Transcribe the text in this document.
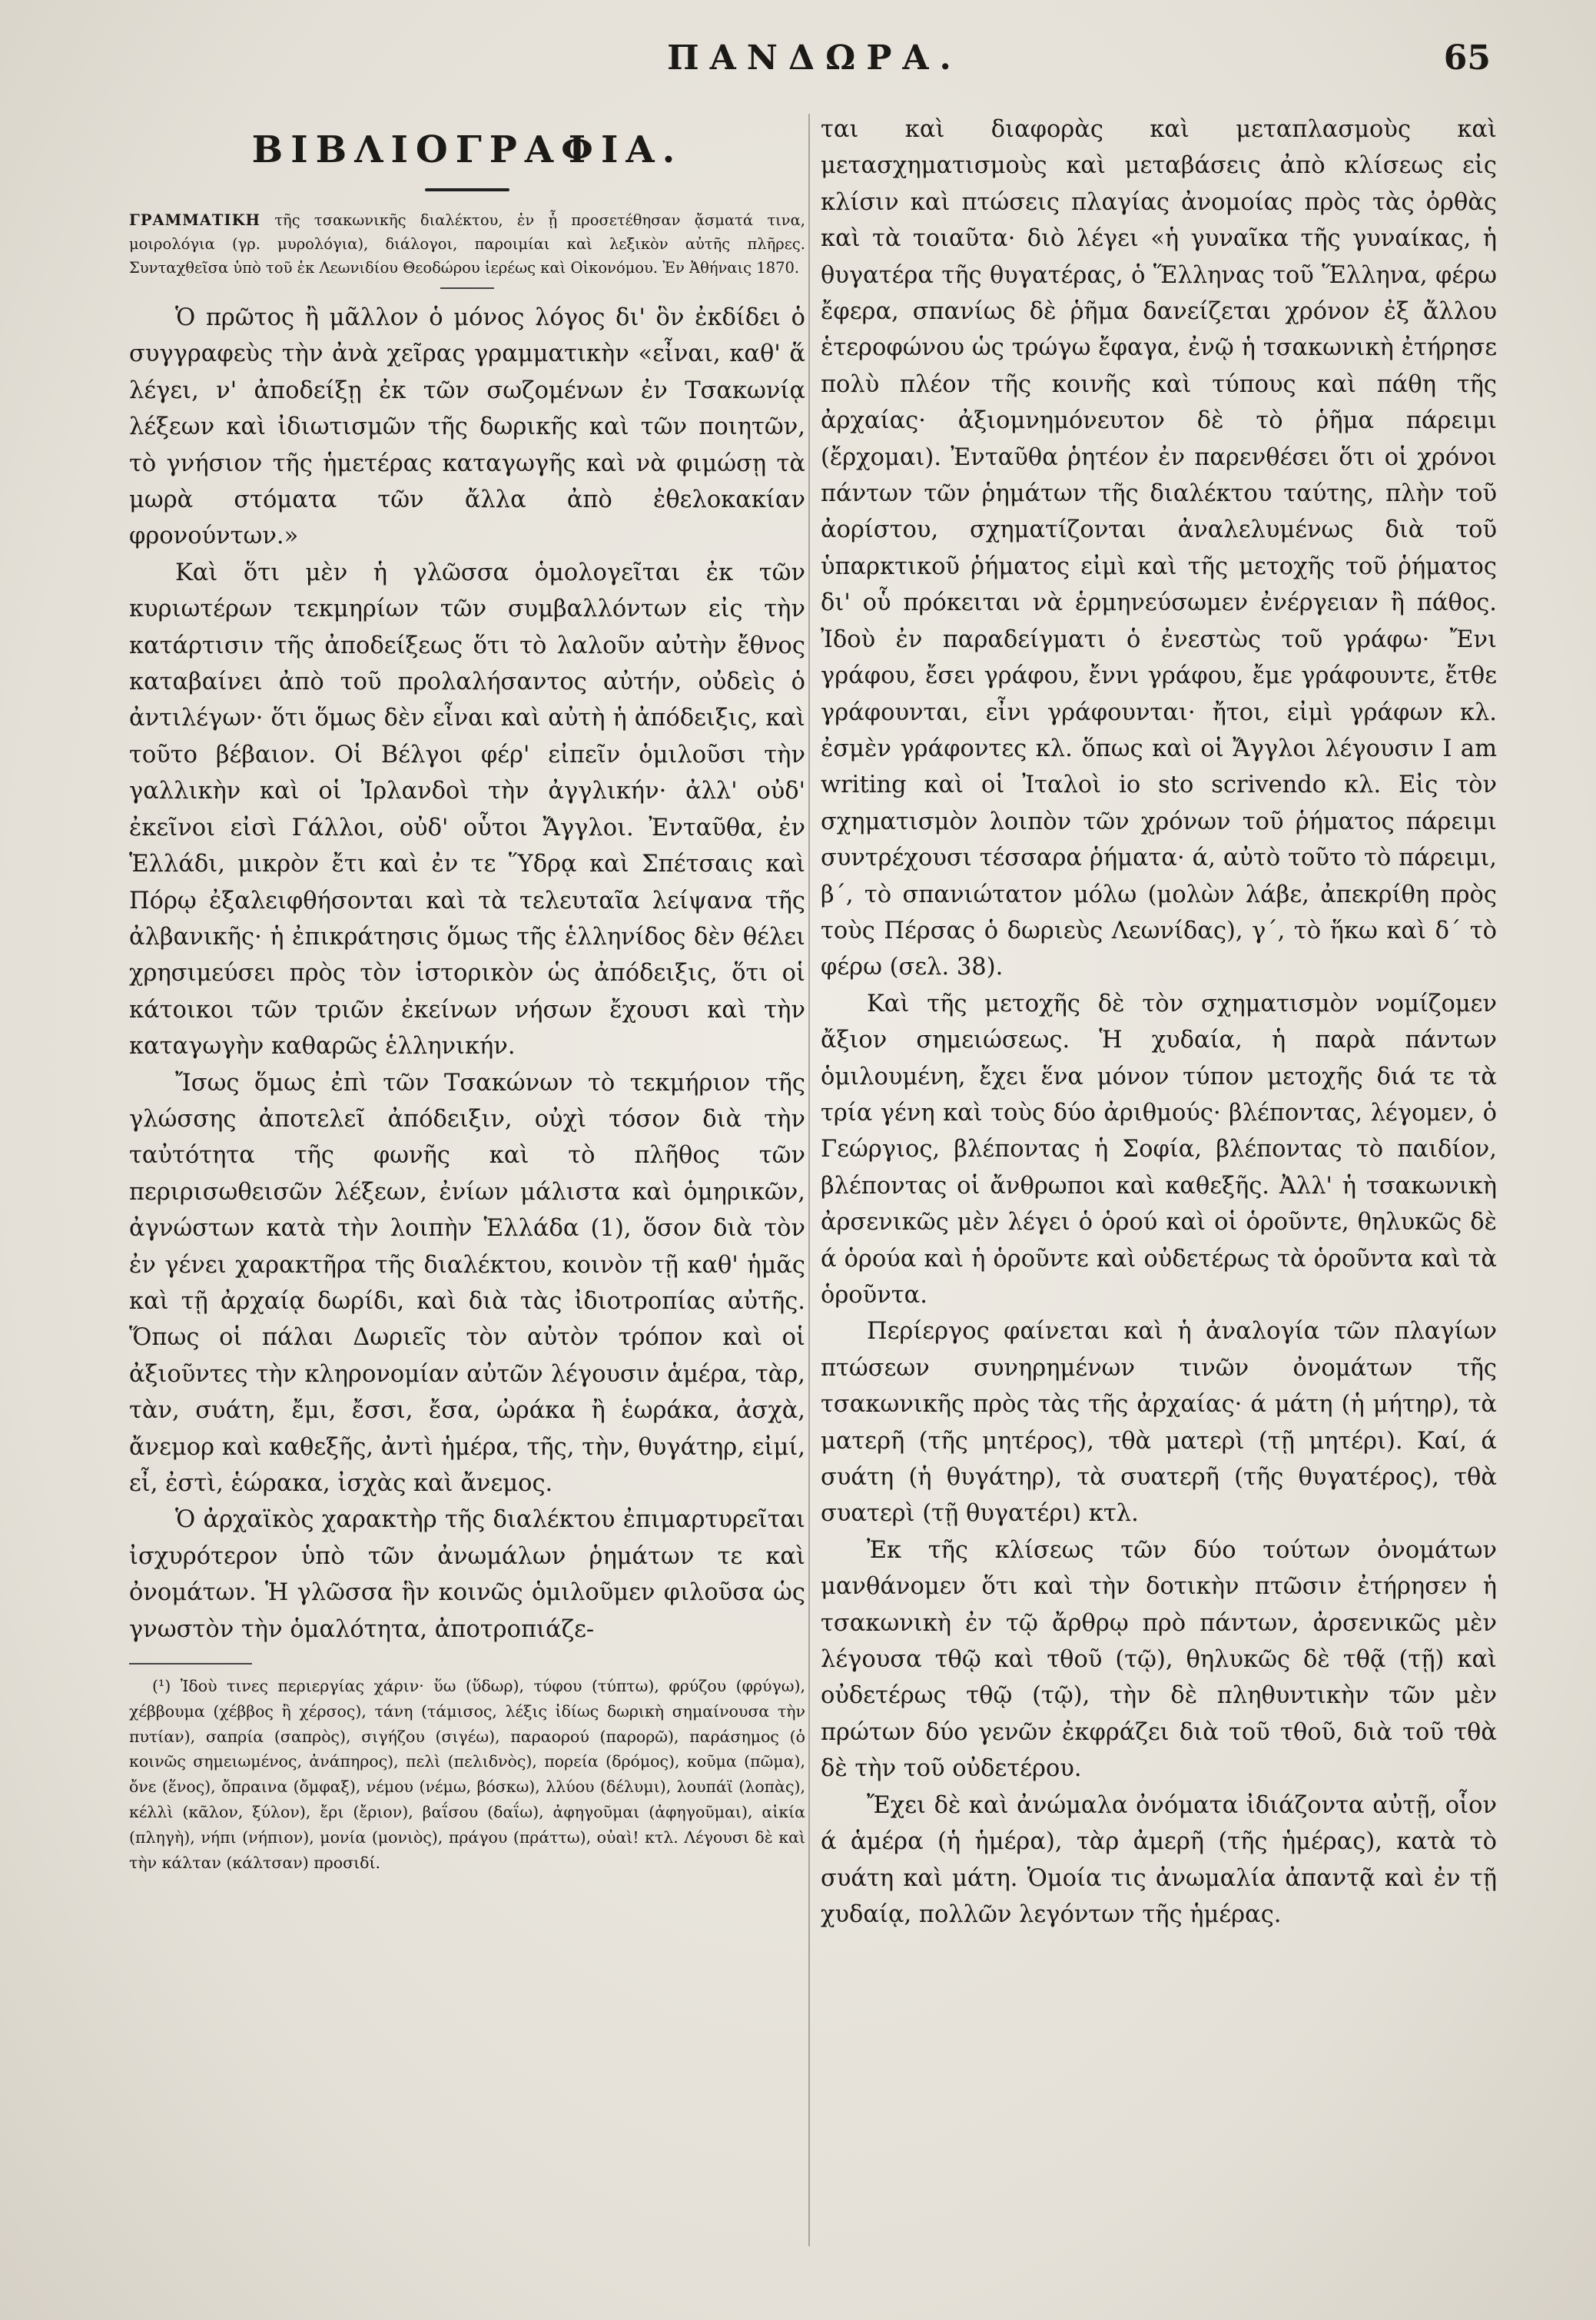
ΠΑΝΔΩΡΑ.	65
ΒΙΒΛΙΟΓΡΑΦΙΑ.
ΓΡΑΜΜΑΤΙΚΗ τῆς τσακωνικῆς διαλέκτου, ἐν ᾗ προσετέθησαν ᾄσματά τινα, μοιρολόγια (γρ. μυρολόγια), διάλογοι, παροιμίαι καὶ λεξικὸν αὐτῆς πλῆρες. Συνταχθεῖσα ὑπὸ τοῦ ἐκ Λεωνιδίου Θεοδώρου ἱερέως καὶ Οἰκονόμου. Ἐν Ἀθήναις 1870.

Ὁ πρῶτος ἢ μᾶλλον ὁ μόνος λόγος δι' ὃν ἐκδίδει ὁ συγγραφεὺς τὴν ἀνὰ χεῖρας γραμματικὴν «εἶναι, καθ' ἅ λέγει, ν' ἀποδείξῃ ἐκ τῶν σωζομένων ἐν Τσακωνίᾳ λέξεων καὶ ἰδιωτισμῶν τῆς δωρικῆς καὶ τῶν ποιητῶν, τὸ γνήσιον τῆς ἡμετέρας καταγωγῆς καὶ νὰ φιμώσῃ τὰ μωρὰ στόματα τῶν ἄλλα ἀπὸ ἐθελοκακίαν φρονούντων.»

Καὶ ὅτι μὲν ἡ γλῶσσα ὁμολογεῖται ἐκ τῶν κυριωτέρων τεκμηρίων τῶν συμβαλλόντων εἰς τὴν κατάρτισιν τῆς ἀποδείξεως ὅτι τὸ λαλοῦν αὐτὴν ἔθνος καταβαίνει ἀπὸ τοῦ προλαλήσαντος αὐτήν, οὐδεὶς ὁ ἀντιλέγων· ὅτι ὅμως δὲν εἶναι καὶ αὐτὴ ἡ ἀπόδειξις, καὶ τοῦτο βέβαιον. Οἱ Βέλγοι φέρ' εἰπεῖν ὁμιλοῦσι τὴν γαλλικὴν καὶ οἱ Ἰρλανδοὶ τὴν ἀγγλικήν· ἀλλ' οὐδ' ἐκεῖνοι εἰσὶ Γάλλοι, οὐδ' οὗτοι Ἄγγλοι. Ἐνταῦθα, ἐν Ἑλλάδι, μικρὸν ἔτι καὶ ἐν τε Ὕδρᾳ καὶ Σπέτσαις καὶ Πόρῳ ἐξαλειφθήσονται καὶ τὰ τελευταῖα λείψανα τῆς ἀλβανικῆς· ἡ ἐπικράτησις ὅμως τῆς ἑλληνίδος δὲν θέλει χρησιμεύσει πρὸς τὸν ἱστορικὸν ὡς ἀπόδειξις, ὅτι οἱ κάτοικοι τῶν τριῶν ἐκείνων νήσων ἔχουσι καὶ τὴν καταγωγὴν καθαρῶς ἑλληνικήν.

Ἴσως ὅμως ἐπὶ τῶν Τσακώνων τὸ τεκμήριον τῆς γλώσσης ἀποτελεῖ ἀπόδειξιν, οὐχὶ τόσον διὰ τὴν ταὐτότητα τῆς φωνῆς καὶ τὸ πλῆθος τῶν περιρισωθεισῶν λέξεων, ἐνίων μάλιστα καὶ ὁμηρικῶν, ἀγνώστων κατὰ τὴν λοιπὴν Ἑλλάδα (1), ὅσον διὰ τὸν ἐν γένει χαρακτῆρα τῆς διαλέκτου, κοινὸν τῇ καθ' ἡμᾶς καὶ τῇ ἀρχαίᾳ δωρίδι, καὶ διὰ τὰς ἰδιοτροπίας αὐτῆς. Ὅπως οἱ πάλαι Δωριεῖς τὸν αὐτὸν τρόπον καὶ οἱ ἀξιοῦντες τὴν κληρονομίαν αὐτῶν λέγουσιν ἁμέρα, τὰρ, τὰν, συάτη, ἔμι, ἔσσι, ἔσα, ὠράκα ἢ ἑωράκα, ἀσχὰ, ἄνεμορ καὶ καθεξῆς, ἀντὶ ἡμέρα, τῆς, τὴν, θυγάτηρ, εἰμί, εἶ, ἐστὶ, ἑώρακα, ἰσχὰς καὶ ἄνεμος.

Ὁ ἀρχαϊκὸς χαρακτὴρ τῆς διαλέκτου ἐπιμαρτυρεῖται ἰσχυρότερον ὑπὸ τῶν ἀνωμάλων ῥημάτων τε καὶ ὀνομάτων. Ἡ γλῶσσα ἣν κοινῶς ὁμιλοῦμεν φιλοῦσα ὡς γνωστὸν τὴν ὁμαλότητα, ἀποτροπιάζε-

(¹) Ἰδοὺ τινες περιεργίας χάριν· ὕω (ὕδωρ), τύφου (τύπτω), φρύζου (φρύγω), χέββουμα (χέββος ἢ χέρσος), τάνη (τάμισος, λέξις ἰδίως δωρικὴ σημαίνουσα τὴν πυτίαν), σαπρία (σαπρὸς), σιγήζου (σιγέω), παραορού (παρορῶ), παράσημος (ὁ κοινῶς σημειωμένος, ἀνάπηρος), πελὶ (πελιδνὸς), πορεία (δρόμος), κοῦμα (πῶμα), ὄνε (ἕνος), ὄπραινα (ὄμφαξ), νέμου (νέμω, βόσκω), λλύου (δέλυμι), λουπάϊ (λοπὰς), κέλλὶ (κᾶλον, ξύλον), ἔρι (ἔριον), βαΐσου (δαΐω), ἀφηγοῦμαι (ἀφηγοῦμαι), αἰκία (πληγὴ), νήπι (νήπιον), μονία (μονιὸς), πράγου (πράττω), οὐαὶ! κτλ. Λέγουσι δὲ καὶ τὴν κάλταν (κάλτσαν) προσιδί.

ται καὶ διαφορὰς καὶ μεταπλασμοὺς καὶ μετασχηματισμοὺς καὶ μεταβάσεις ἀπὸ κλίσεως εἰς κλίσιν καὶ πτώσεις πλαγίας ἀνομοίας πρὸς τὰς ὀρθὰς καὶ τὰ τοιαῦτα· διὸ λέγει «ἡ γυναῖκα τῆς γυναίκας, ἡ θυγατέρα τῆς θυγατέρας, ὁ Ἕλληνας τοῦ Ἕλληνα, φέρω ἔφερα, σπανίως δὲ ῥῆμα δανείζεται χρόνον ἐξ ἄλλου ἑτεροφώνου ὡς τρώγω ἔφαγα, ἐνῷ ἡ τσακωνικὴ ἐτήρησε πολὺ πλέον τῆς κοινῆς καὶ τύπους καὶ πάθη τῆς ἀρχαίας· ἀξιομνημόνευτον δὲ τὸ ῥῆμα πάρειμι (ἔρχομαι). Ἐνταῦθα ῥητέον ἐν παρενθέσει ὅτι οἱ χρόνοι πάντων τῶν ῥημάτων τῆς διαλέκτου ταύτης, πλὴν τοῦ ἀορίστου, σχηματίζονται ἀναλελυμένως διὰ τοῦ ὑπαρκτικοῦ ῥήματος εἰμὶ καὶ τῆς μετοχῆς τοῦ ῥήματος δι' οὗ πρόκειται νὰ ἑρμηνεύσωμεν ἐνέργειαν ἢ πάθος. Ἰδοὺ ἐν παραδείγματι ὁ ἐνεστὼς τοῦ γράφω· Ἔνι γράφου, ἔσει γράφου, ἔννι γράφου, ἔμε γράφουντε, ἔτθε γράφουνται, εἶνι γράφουνται· ἤτοι, εἰμὶ γράφων κλ. ἐσμὲν γράφοντες κλ. ὅπως καὶ οἱ Ἄγγλοι λέγουσιν I am writing καὶ οἱ Ἰταλοὶ io sto scrivendo κλ. Εἰς τὸν σχηματισμὸν λοιπὸν τῶν χρόνων τοῦ ῥήματος πάρειμι συντρέχουσι τέσσαρα ῥήματα· ά, αὐτὸ τοῦτο τὸ πάρειμι, β΄, τὸ σπανιώτατον μόλω (μολὼν λάβε, ἀπεκρίθη πρὸς τοὺς Πέρσας ὁ δωριεὺς Λεωνίδας), γ΄, τὸ ἥκω καὶ δ΄ τὸ φέρω (σελ. 38).

Καὶ τῆς μετοχῆς δὲ τὸν σχηματισμὸν νομίζομεν ἄξιον σημειώσεως. Ἡ χυδαία, ἡ παρὰ πάντων ὁμιλουμένη, ἔχει ἕνα μόνον τύπον μετοχῆς διά τε τὰ τρία γένη καὶ τοὺς δύο ἀριθμούς· βλέποντας, λέγομεν, ὁ Γεώργιος, βλέποντας ἡ Σοφία, βλέποντας τὸ παιδίον, βλέποντας οἱ ἄνθρωποι καὶ καθεξῆς. Ἀλλ' ἡ τσακωνικὴ ἀρσενικῶς μὲν λέγει ὁ ὁρού καὶ οἱ ὁροῦντε, θηλυκῶς δὲ ά ὁρούα καὶ ἡ ὁροῦντε καὶ οὐδετέρως τὰ ὁροῦντα καὶ τὰ ὁροῦντα.

Περίεργος φαίνεται καὶ ἡ ἀναλογία τῶν πλαγίων πτώσεων συνηρημένων τινῶν ὀνομάτων τῆς τσακωνικῆς πρὸς τὰς τῆς ἀρχαίας· ά μάτη (ἡ μήτηρ), τὰ ματερῆ (τῆς μητέρος), τθὰ ματερὶ (τῇ μητέρι). Καί, ά συάτη (ἡ θυγάτηρ), τὰ συατερῆ (τῆς θυγατέρος), τθὰ συατερὶ (τῇ θυγατέρι) κτλ.

Ἐκ τῆς κλίσεως τῶν δύο τούτων ὀνομάτων μανθάνομεν ὅτι καὶ τὴν δοτικὴν πτῶσιν ἐτήρησεν ἡ τσακωνικὴ ἐν τῷ ἄρθρῳ πρὸ πάντων, ἀρσενικῶς μὲν λέγουσα τθῷ καὶ τθοῦ (τῷ), θηλυκῶς δὲ τθᾷ (τῇ) καὶ οὐδετέρως τθῷ (τῷ), τὴν δὲ πληθυντικὴν τῶν μὲν πρώτων δύο γενῶν ἐκφράζει διὰ τοῦ τθοῦ, διὰ τοῦ τθὰ δὲ τὴν τοῦ οὐδετέρου.

Ἔχει δὲ καὶ ἀνώμαλα ὀνόματα ἰδιάζοντα αὐτῇ, οἷον ά ἁμέρα (ἡ ἡμέρα), τὰρ ἀμερῆ (τῆς ἡμέρας), κατὰ τὸ συάτη καὶ μάτη. Ὁμοία τις ἀνωμαλία ἀπαντᾷ καὶ ἐν τῇ χυδαίᾳ, πολλῶν λεγόντων τῆς ἡμέρας.
